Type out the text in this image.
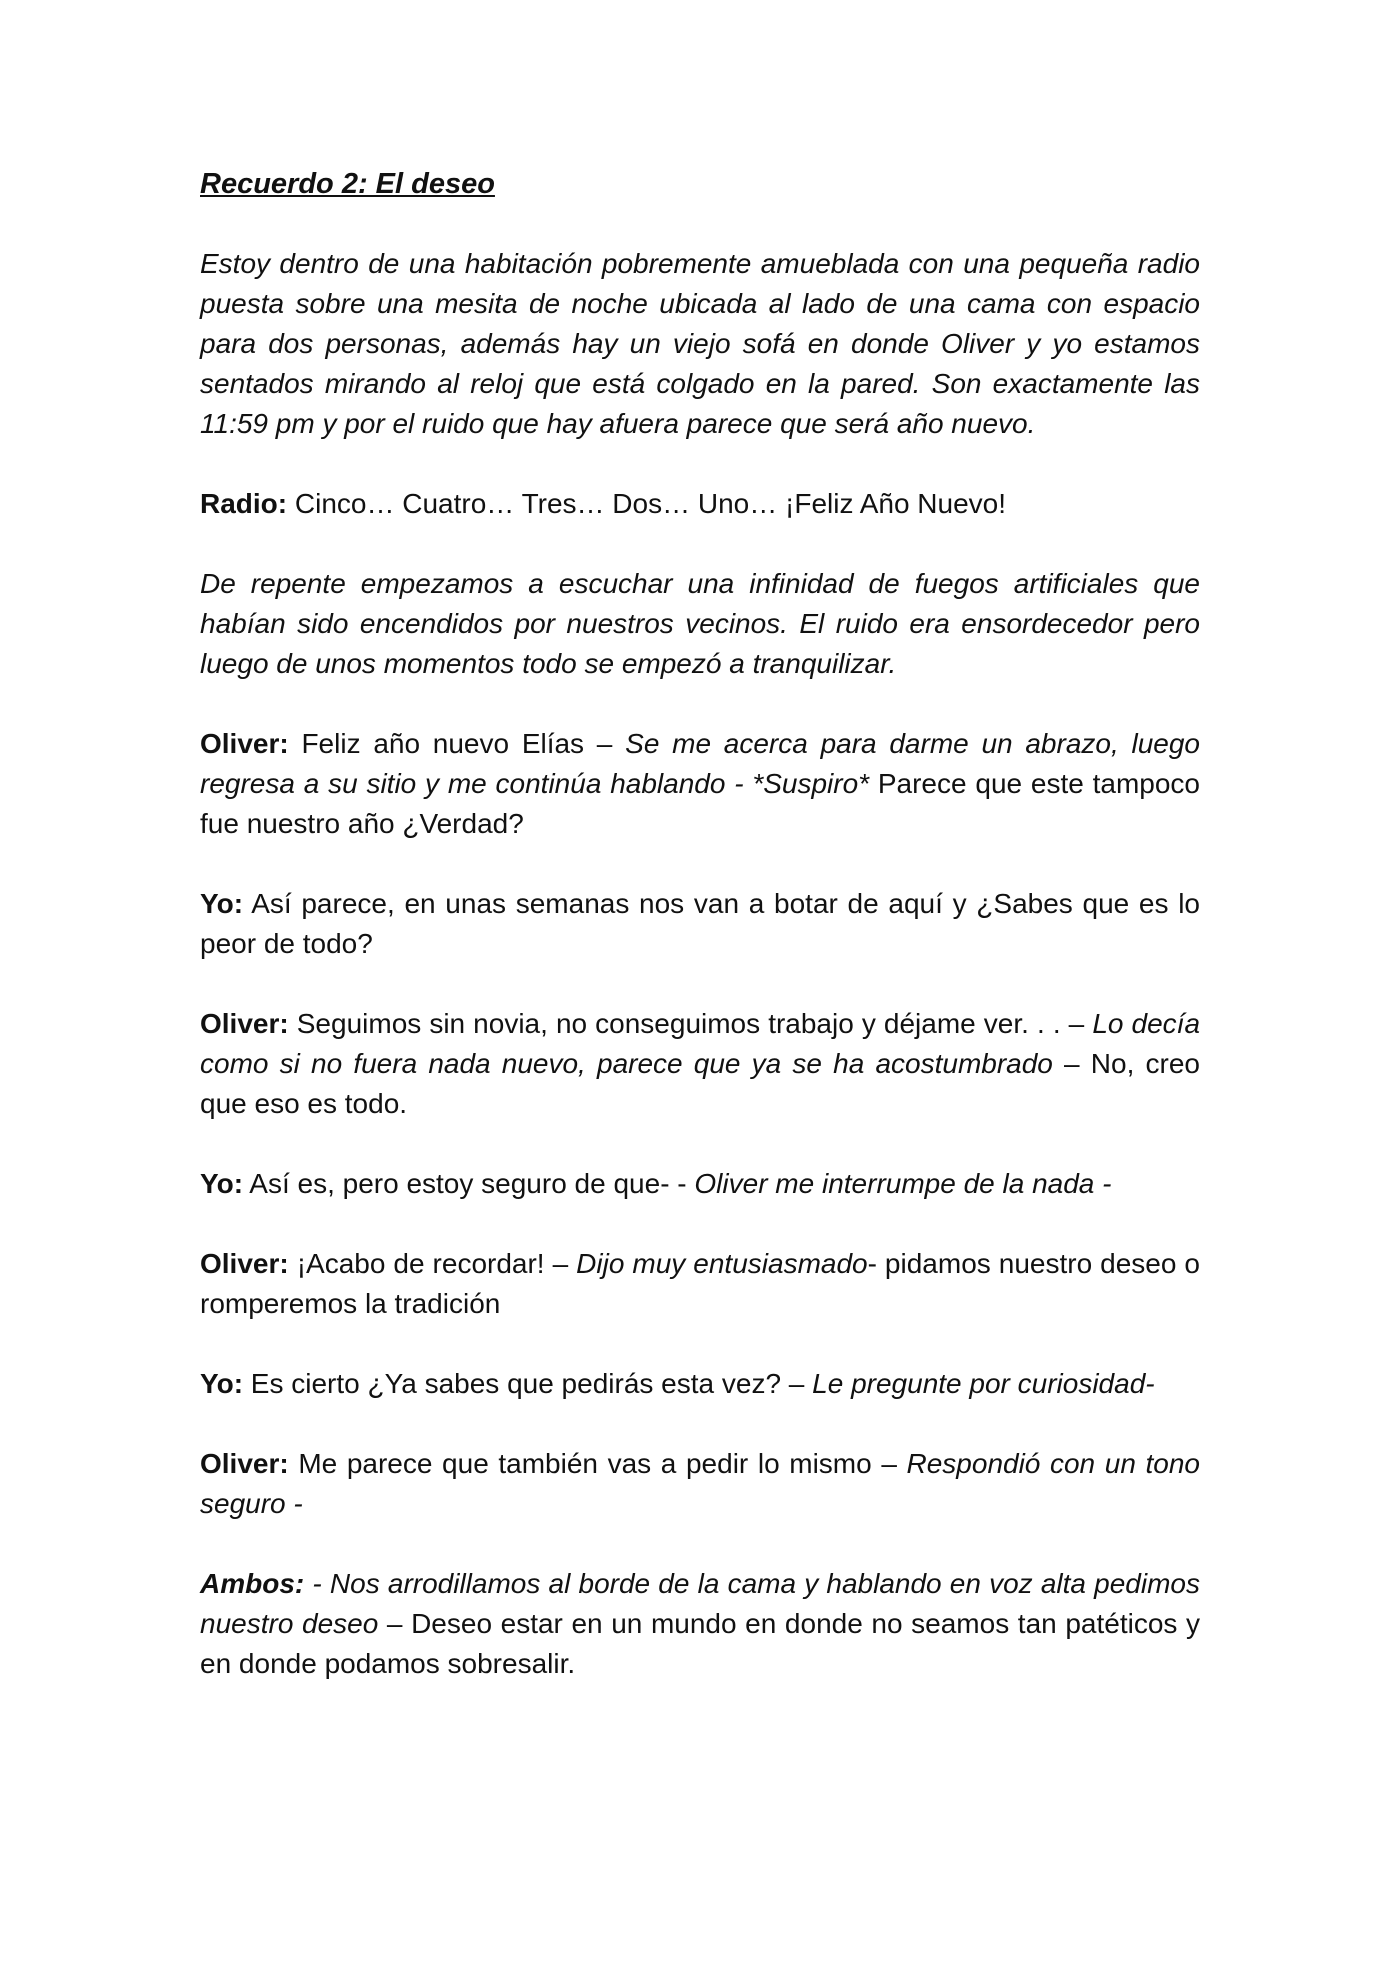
Recuerdo 2: El deseo

Estoy dentro de una habitación pobremente amueblada con una pequeña radio puesta sobre una mesita de noche ubicada al lado de una cama con espacio para dos personas, además hay un viejo sofá en donde Oliver y yo estamos sentados mirando al reloj que está colgado en la pared. Son exactamente las 11:59 pm y por el ruido que hay afuera parece que será año nuevo.

Radio: Cinco… Cuatro… Tres… Dos… Uno… ¡Feliz Año Nuevo!

De repente empezamos a escuchar una infinidad de fuegos artificiales que habían sido encendidos por nuestros vecinos. El ruido era ensordecedor pero luego de unos momentos todo se empezó a tranquilizar.

Oliver: Feliz año nuevo Elías – Se me acerca para darme un abrazo, luego regresa a su sitio y me continúa hablando - *Suspiro* Parece que este tampoco fue nuestro año ¿Verdad?

Yo: Así parece, en unas semanas nos van a botar de aquí y ¿Sabes que es lo peor de todo?

Oliver: Seguimos sin novia, no conseguimos trabajo y déjame ver. . . – Lo decía como si no fuera nada nuevo, parece que ya se ha acostumbrado – No, creo que eso es todo.

Yo: Así es, pero estoy seguro de que- - Oliver me interrumpe de la nada -

Oliver: ¡Acabo de recordar! – Dijo muy entusiasmado- pidamos nuestro deseo o romperemos la tradición

Yo: Es cierto ¿Ya sabes que pedirás esta vez? – Le pregunte por curiosidad-

Oliver: Me parece que también vas a pedir lo mismo – Respondió con un tono seguro -

Ambos: - Nos arrodillamos al borde de la cama y hablando en voz alta pedimos nuestro deseo – Deseo estar en un mundo en donde no seamos tan patéticos y en donde podamos sobresalir.
